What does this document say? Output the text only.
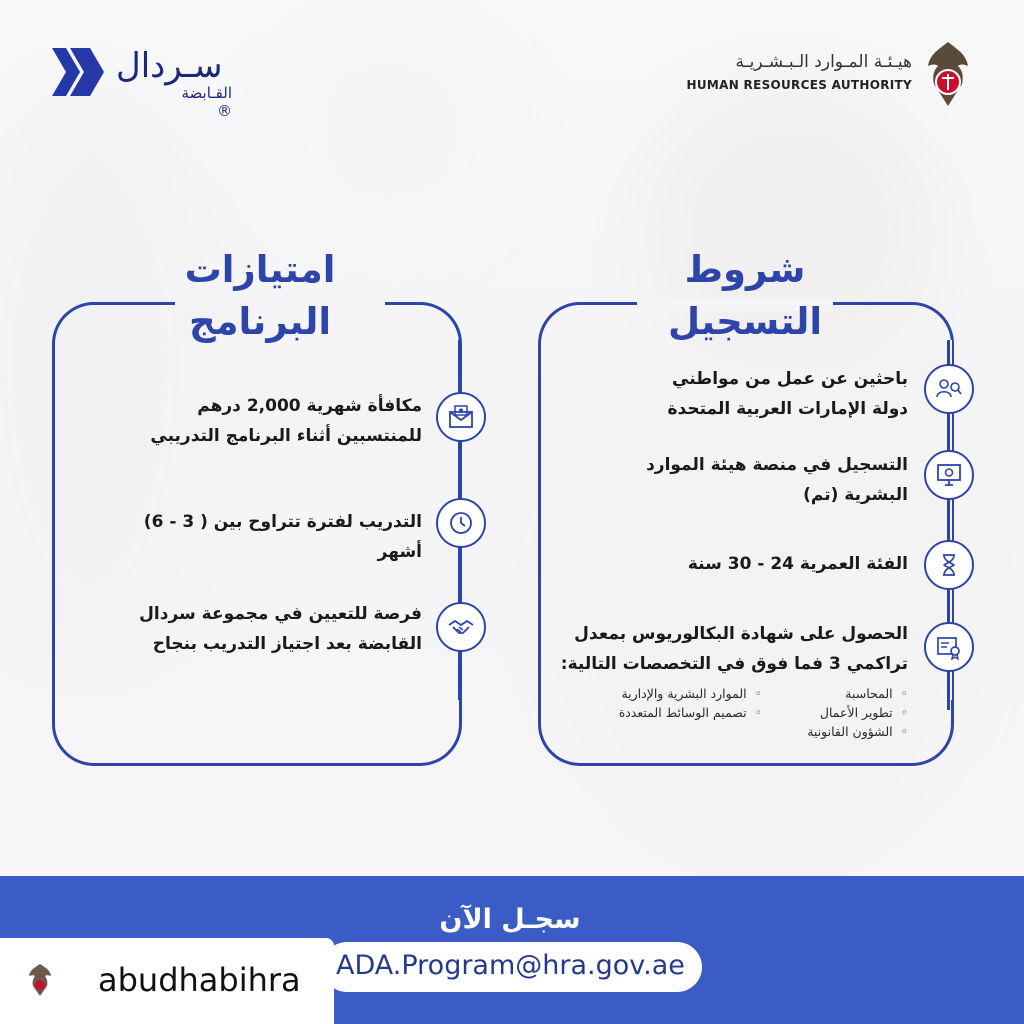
سـردال
القـابضة ®
هيـئـة المـوارد الـبـشـريـة
HUMAN RESOURCES AUTHORITY
امتيازات
البرنامج
مكافأة شهرية 2,000 درهم للمنتسبين أثناء البرنامج التدريبي
التدريب لفترة تتراوح بين ( 3 - 6) أشهر
فرصة للتعيين في مجموعة سردال القابضة بعد اجتياز التدريب بنجاح
شروط
التسجيل
باحثين عن عمل من مواطني دولة الإمارات العربية المتحدة
التسجيل في منصة هيئة الموارد البشرية (تم)
الفئة العمرية 24 - 30 سنة
الحصول على شهادة البكالوريوس بمعدل تراكمي 3 فما فوق في التخصصات التالية:
◦المحاسبة
◦تطوير الأعمال
◦الشؤون القانونية
◦الموارد البشرية والإدارية
◦تصميم الوسائط المتعددة
سجـل الآن
ADA.Program@hra.gov.ae
abudhabihra
